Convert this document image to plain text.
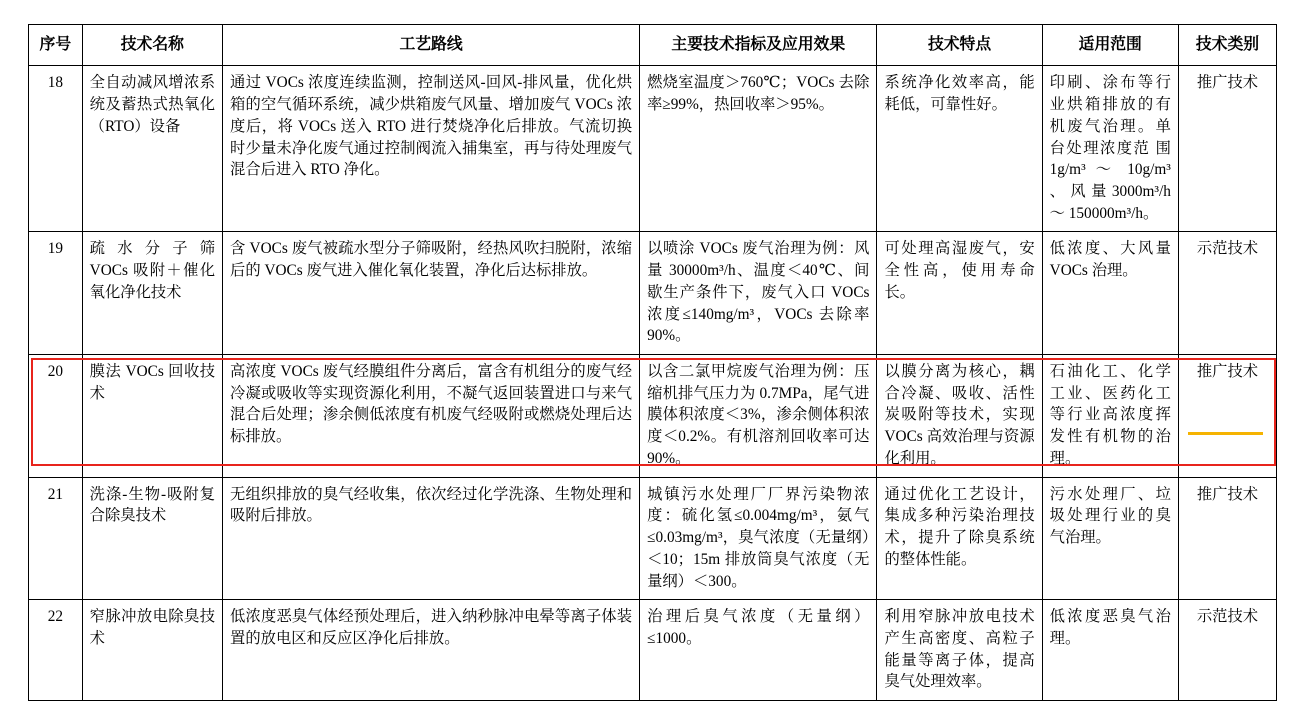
序号	技术名称	工艺路线	主要技术指标及应用效果	技术特点	适用范围	技术类别
18	全自动减风增浓系统及蓄热式热氧化（RTO）设备	通过 VOCs 浓度连续监测，控制送风-回风-排风量，优化烘箱的空气循环系统，减少烘箱废气风量、增加废气 VOCs 浓度后，将 VOCs 送入 RTO 进行焚烧净化后排放。气流切换时少量未净化废气通过控制阀流入捕集室，再与待处理废气混合后进入 RTO 净化。	燃烧室温度＞760℃；VOCs 去除率≥99%，热回收率＞95%。	系统净化效率高，能耗低，可靠性好。	印刷、涂布等行业烘箱排放的有机废气治理。单台处理浓度范 围 1g/m³ ～ 10g/m³ 、 风 量 3000m³/h ～ 150000m³/h。	推广技术
19	疏 水 分 子 筛 VOCs 吸附＋催化氧化净化技术	含 VOCs 废气被疏水型分子筛吸附，经热风吹扫脱附，浓缩后的 VOCs 废气进入催化氧化装置，净化后达标排放。	以喷涂 VOCs 废气治理为例：风量 30000m³/h、温度＜40℃、间歇生产条件下，废气入口 VOCs 浓度≤140mg/m³，VOCs 去除率 90%。	可处理高湿废气，安全性高，使用寿命长。	低浓度、大风量 VOCs 治理。	示范技术
20	膜法 VOCs 回收技术	高浓度 VOCs 废气经膜组件分离后，富含有机组分的废气经冷凝或吸收等实现资源化利用，不凝气返回装置进口与来气混合后处理；渗余侧低浓度有机废气经吸附或燃烧处理后达标排放。	以含二氯甲烷废气治理为例：压缩机排气压力为 0.7MPa，尾气进膜体积浓度＜3%，渗余侧体积浓度＜0.2%。有机溶剂回收率可达 90%。	以膜分离为核心，耦合冷凝、吸收、活性炭吸附等技术，实现 VOCs 高效治理与资源化利用。	石油化工、化学工业、医药化工等行业高浓度挥发性有机物的治理。	推广技术
21	洗涤-生物-吸附复合除臭技术	无组织排放的臭气经收集，依次经过化学洗涤、生物处理和吸附后排放。	城镇污水处理厂厂界污染物浓度：硫化氢≤0.004mg/m³，氨气≤0.03mg/m³，臭气浓度（无量纲）＜10；15m 排放筒臭气浓度（无量纲）＜300。	通过优化工艺设计，集成多种污染治理技术，提升了除臭系统的整体性能。	污水处理厂、垃圾处理行业的臭气治理。	推广技术
22	窄脉冲放电除臭技术	低浓度恶臭气体经预处理后，进入纳秒脉冲电晕等离子体装置的放电区和反应区净化后排放。	治理后臭气浓度（无量纲）≤1000。	利用窄脉冲放电技术产生高密度、高粒子能量等离子体，提高臭气处理效率。	低浓度恶臭气治理。	示范技术
